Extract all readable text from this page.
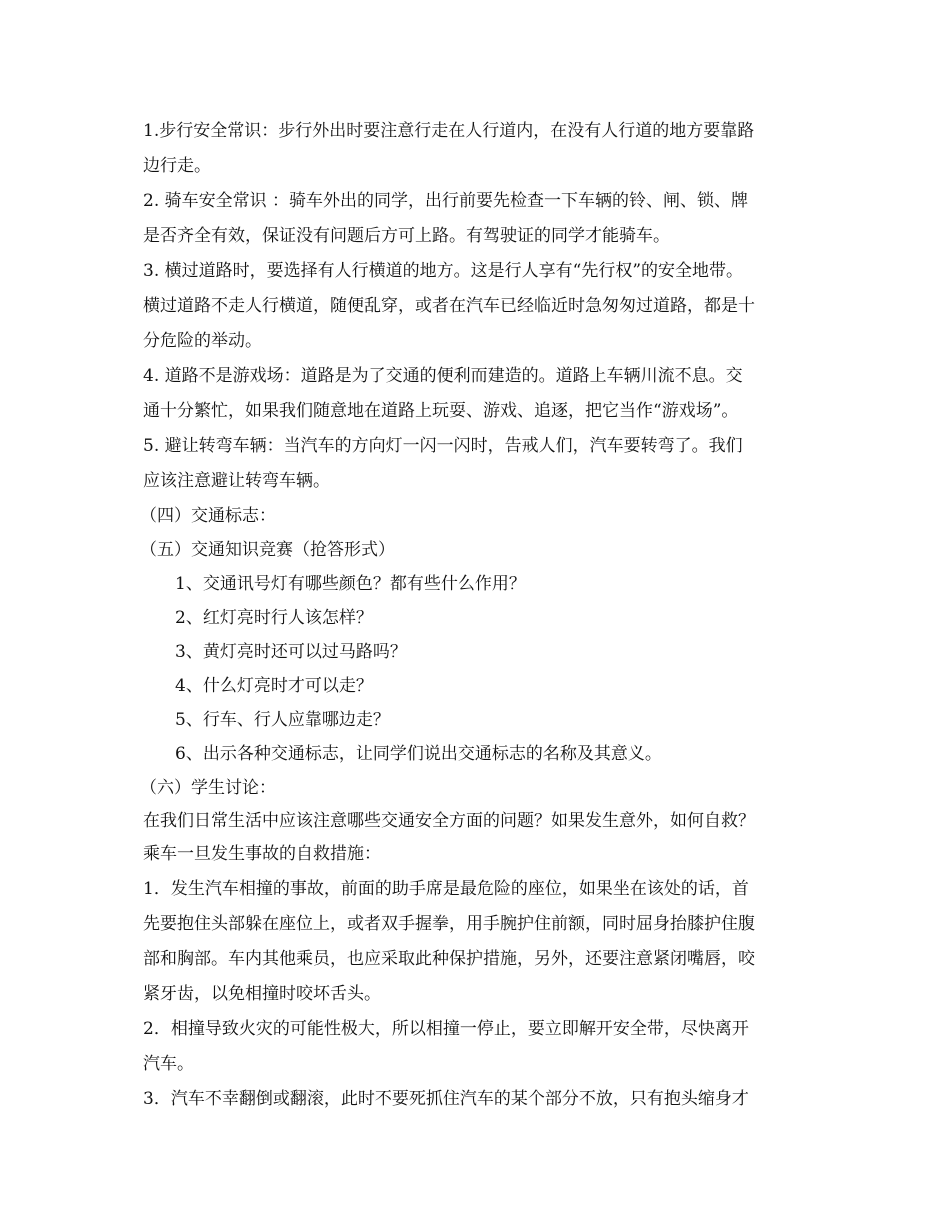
1.步行安全常识：步行外出时要注意行走在人行道内，在没有人行道的地方要靠路
边行走。
2. 骑车安全常识 ：骑车外出的同学，出行前要先检查一下车辆的铃、闸、锁、牌
是否齐全有效，保证没有问题后方可上路。有驾驶证的同学才能骑车。
3. 横过道路时，要选择有人行横道的地方。这是行人享有“先行权”的安全地带。
横过道路不走人行横道，随便乱穿，或者在汽车已经临近时急匆匆过道路，都是十
分危险的举动。
4. 道路不是游戏场：道路是为了交通的便利而建造的。道路上车辆川流不息。交
通十分繁忙，如果我们随意地在道路上玩耍、游戏、追逐，把它当作“游戏场”。
5. 避让转弯车辆：当汽车的方向灯一闪一闪时，告戒人们，汽车要转弯了。我们
应该注意避让转弯车辆。
（四）交通标志：
（五）交通知识竞赛（抢答形式）
1、交通讯号灯有哪些颜色？都有些什么作用？
2、红灯亮时行人该怎样？
3、黄灯亮时还可以过马路吗？
4、什么灯亮时才可以走？
5、行车、行人应靠哪边走？
6、出示各种交通标志，让同学们说出交通标志的名称及其意义。
（六）学生讨论：
在我们日常生活中应该注意哪些交通安全方面的问题？如果发生意外，如何自救？
乘车一旦发生事故的自救措施：
1．发生汽车相撞的事故，前面的助手席是最危险的座位，如果坐在该处的话，首
先要抱住头部躲在座位上，或者双手握拳，用手腕护住前额，同时屈身抬膝护住腹
部和胸部。车内其他乘员，也应采取此种保护措施，另外，还要注意紧闭嘴唇，咬
紧牙齿，以免相撞时咬坏舌头。
2．相撞导致火灾的可能性极大，所以相撞一停止，要立即解开安全带，尽快离开
汽车。
3．汽车不幸翻倒或翻滚，此时不要死抓住汽车的某个部分不放，只有抱头缩身才
